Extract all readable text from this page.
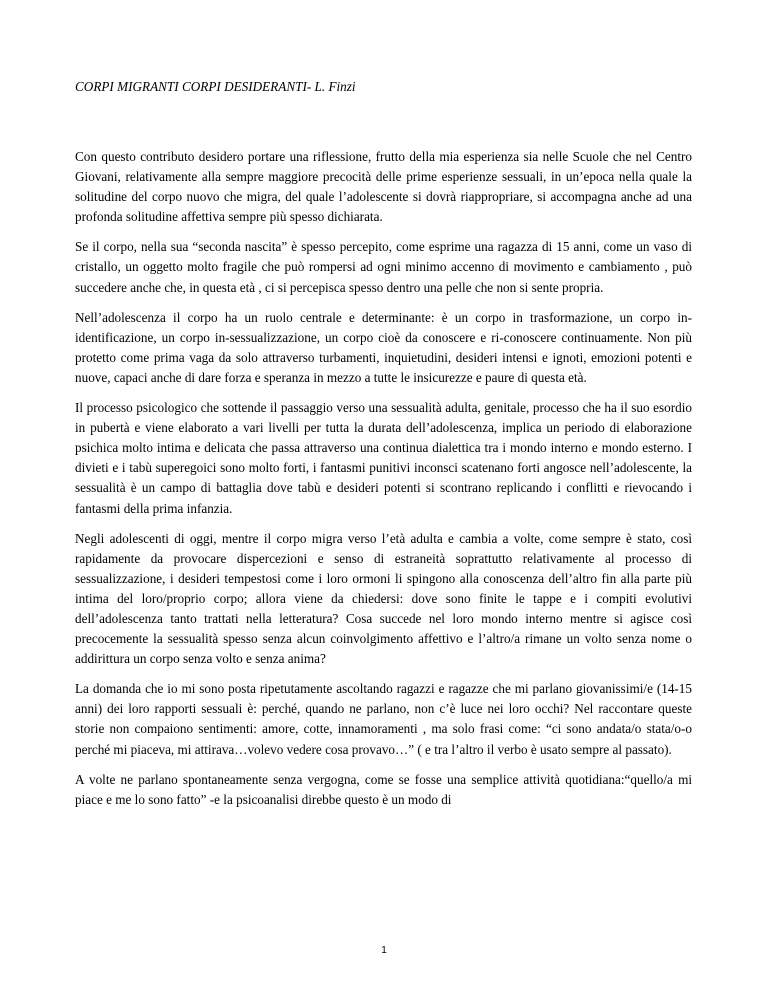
CORPI MIGRANTI CORPI DESIDERANTI- L. Finzi

Con questo contributo desidero portare una riflessione, frutto della mia esperienza sia nelle Scuole che nel Centro Giovani, relativamente alla sempre maggiore precocità delle prime esperienze sessuali, in un’epoca nella quale la solitudine del corpo nuovo che migra, del quale l’adolescente si dovrà riappropriare, si accompagna anche ad una profonda solitudine affettiva sempre più spesso dichiarata.

Se il corpo, nella sua “seconda nascita” è spesso percepito, come esprime una ragazza di 15 anni, come un vaso di cristallo, un oggetto molto fragile che può rompersi ad ogni minimo accenno di movimento e cambiamento , può succedere anche che, in questa età , ci si percepisca spesso dentro una pelle che non si sente propria.

Nell’adolescenza il corpo ha un ruolo centrale e determinante: è un corpo in trasformazione, un corpo in-identificazione, un corpo in-sessualizzazione, un corpo cioè da conoscere e ri-conoscere continuamente. Non più protetto come prima vaga da solo attraverso turbamenti, inquietudini, desideri intensi e ignoti, emozioni potenti e nuove, capaci anche di dare forza e speranza in mezzo a tutte le insicurezze e paure di questa età.

Il processo psicologico che sottende il passaggio verso una sessualità adulta, genitale, processo che ha il suo esordio in pubertà e viene elaborato a vari livelli per tutta la durata dell’adolescenza, implica un periodo di elaborazione psichica molto intima e delicata che passa attraverso una continua dialettica tra i mondo interno e mondo esterno. I divieti e i tabù superegoici sono molto forti, i fantasmi punitivi inconsci scatenano forti angosce nell’adolescente, la sessualità è un campo di battaglia dove tabù e desideri potenti si scontrano replicando i conflitti e rievocando i fantasmi della prima infanzia.

Negli adolescenti di oggi, mentre il corpo migra verso l’età adulta e cambia a volte, come sempre è stato, così rapidamente da provocare dispercezioni e senso di estraneità soprattutto relativamente al processo di sessualizzazione, i desideri tempestosi come i loro ormoni li spingono alla conoscenza dell’altro fin alla parte più intima del loro/proprio corpo; allora viene da chiedersi: dove sono finite le tappe e i compiti evolutivi dell’adolescenza tanto trattati nella letteratura? Cosa succede nel loro mondo interno mentre si agisce così precocemente la sessualità spesso senza alcun coinvolgimento affettivo e l’altro/a rimane un volto senza nome o addirittura un corpo senza volto e senza anima?

La domanda che io mi sono posta ripetutamente ascoltando ragazzi e ragazze che mi parlano giovanissimi/e (14-15 anni) dei loro rapporti sessuali è: perché, quando ne parlano, non c’è luce nei loro occhi? Nel raccontare queste storie non compaiono sentimenti: amore, cotte, innamoramenti , ma solo frasi come: “ci sono andata/o stata/o-o perché mi piaceva, mi attirava…volevo vedere cosa provavo…” ( e tra l’altro il verbo è usato sempre al passato).

A volte ne parlano spontaneamente senza vergogna, come se fosse una semplice attività quotidiana:“quello/a mi piace e me lo sono fatto” -e la psicoanalisi direbbe questo è un modo di

1
